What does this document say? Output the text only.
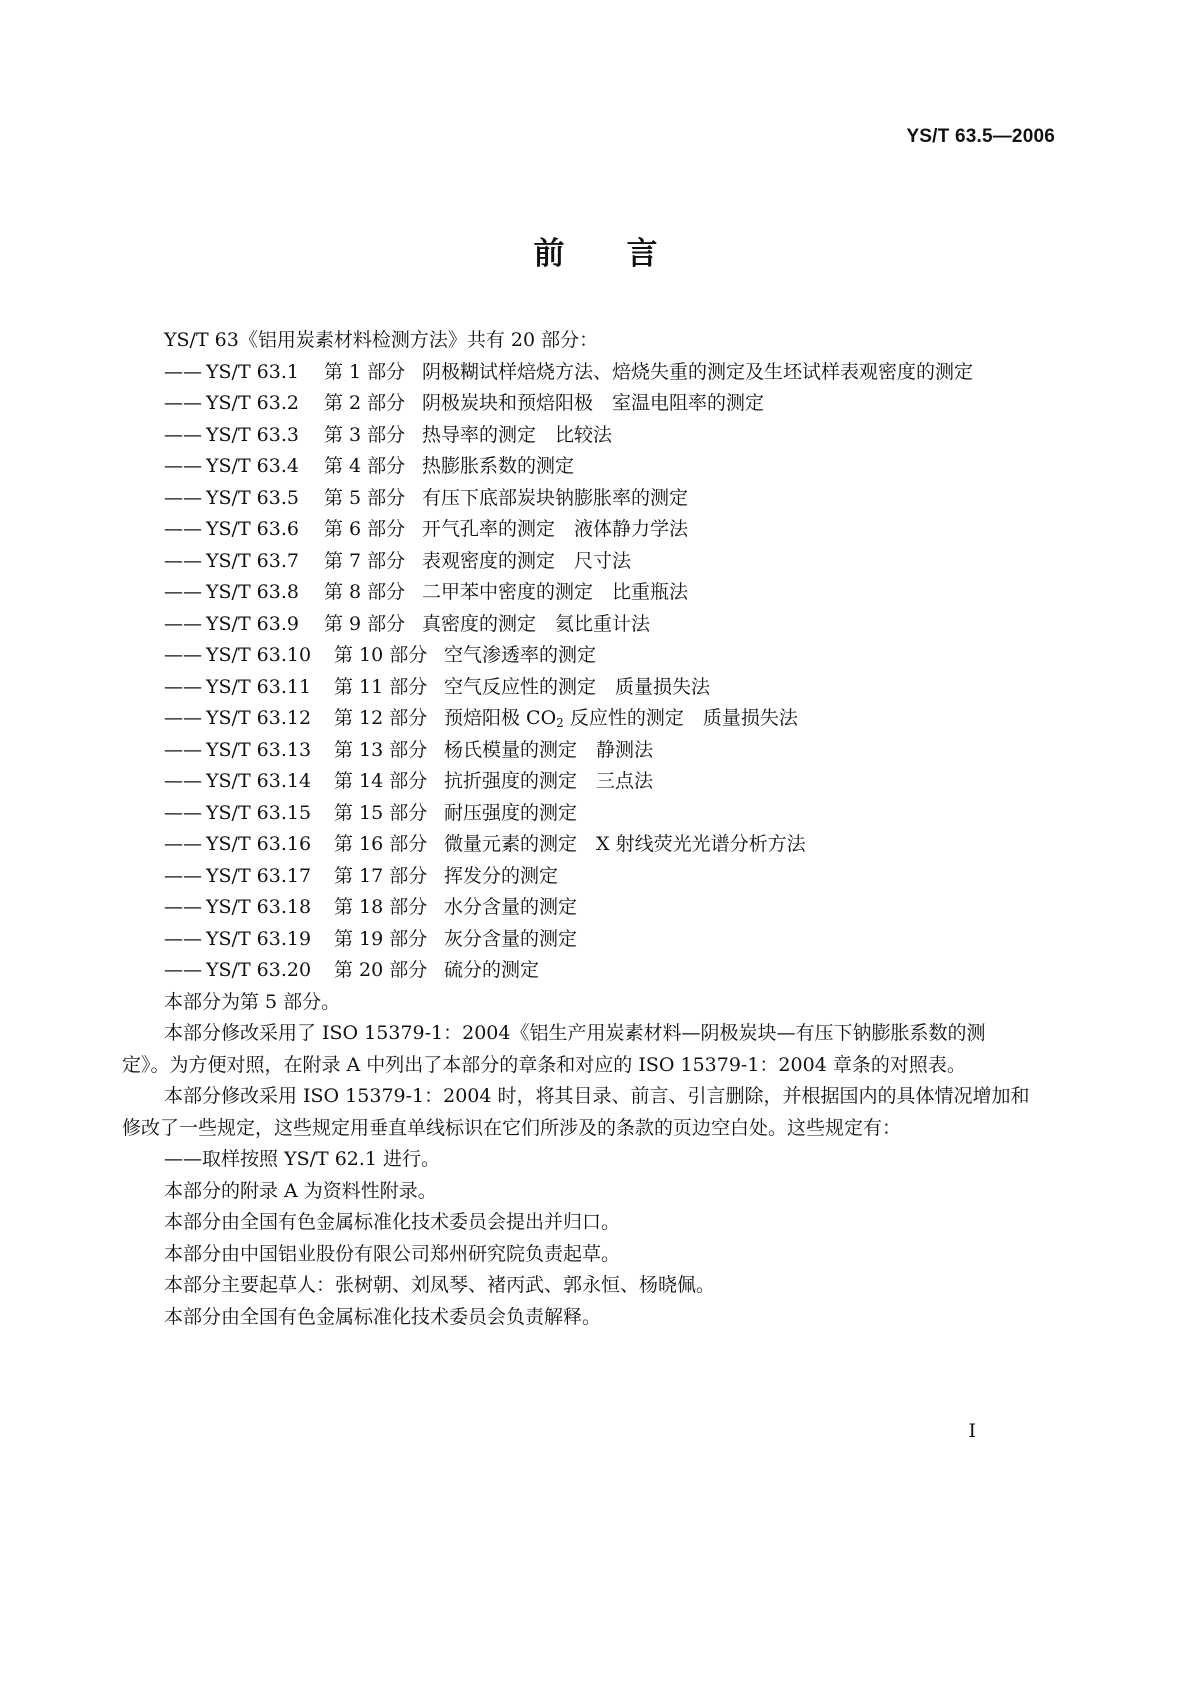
YS/T 63.5—2006
前 言
YS/T 63《铝用炭素材料检测方法》共有 20 部分：
—— YS/T 63.1	第 1 部分 阴极糊试样焙烧方法、焙烧失重的测定及生坯试样表观密度的测定
—— YS/T 63.2	第 2 部分 阴极炭块和预焙阳极　室温电阻率的测定
—— YS/T 63.3	第 3 部分 热导率的测定　比较法
—— YS/T 63.4	第 4 部分 热膨胀系数的测定
—— YS/T 63.5	第 5 部分 有压下底部炭块钠膨胀率的测定
—— YS/T 63.6	第 6 部分 开气孔率的测定　液体静力学法
—— YS/T 63.7	第 7 部分 表观密度的测定　尺寸法
—— YS/T 63.8	第 8 部分 二甲苯中密度的测定　比重瓶法
—— YS/T 63.9	第 9 部分 真密度的测定　氦比重计法
—— YS/T 63.10	第 10 部分 空气渗透率的测定
—— YS/T 63.11	第 11 部分 空气反应性的测定　质量损失法
—— YS/T 63.12	第 12 部分 预焙阳极 $CO_2$ 反应性的测定　质量损失法
—— YS/T 63.13	第 13 部分 杨氏模量的测定　静测法
—— YS/T 63.14	第 14 部分 抗折强度的测定　三点法
—— YS/T 63.15	第 15 部分 耐压强度的测定
—— YS/T 63.16	第 16 部分 微量元素的测定　X 射线荧光光谱分析方法
—— YS/T 63.17	第 17 部分 挥发分的测定
—— YS/T 63.18	第 18 部分 水分含量的测定
—— YS/T 63.19	第 19 部分 灰分含量的测定
—— YS/T 63.20	第 20 部分 硫分的测定
本部分为第 5 部分。
本部分修改采用了 ISO 15379-1：2004《铝生产用炭素材料—阴极炭块—有压下钠膨胀系数的测
定》。为方便对照，在附录 A 中列出了本部分的章条和对应的 ISO 15379-1：2004 章条的对照表。
本部分修改采用 ISO 15379-1：2004 时，将其目录、前言、引言删除，并根据国内的具体情况增加和
修改了一些规定，这些规定用垂直单线标识在它们所涉及的条款的页边空白处。这些规定有：
——取样按照 YS/T 62.1 进行。
本部分的附录 A 为资料性附录。
本部分由全国有色金属标准化技术委员会提出并归口。
本部分由中国铝业股份有限公司郑州研究院负责起草。
本部分主要起草人：张树朝、刘凤琴、褚丙武、郭永恒、杨晓佩。
本部分由全国有色金属标准化技术委员会负责解释。
I
